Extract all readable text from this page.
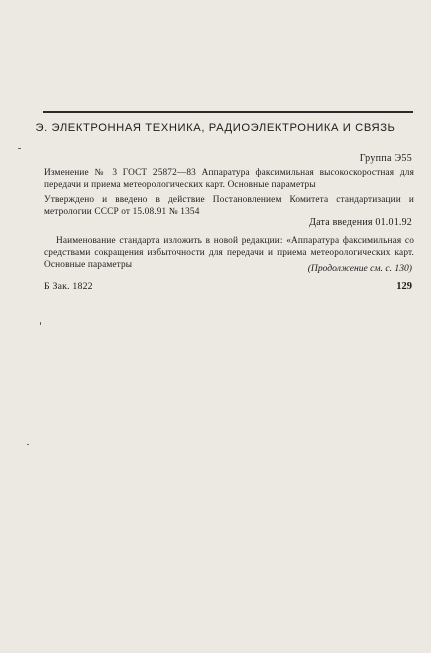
Э. ЭЛЕКТРОННАЯ ТЕХНИКА, РАДИОЭЛЕКТРОНИКА И СВЯЗЬ
Группа Э55
Изменение № 3 ГОСТ 25872—83 Аппаратура факсимильная высокоскоростная для передачи и приема метеорологических карт. Основные параметры
Утверждено и введено в действие Постановлением Комитета стандартизации и метрологии СССР от 15.08.91 № 1354
Дата введения 01.01.92
Наименование стандарта изложить в новой редакции: «Аппаратура факсимильная со средствами сокращения избыточности для передачи и приема метеорологических карт. Основные параметры	(Продолжение см. с. 130)
Б Зак. 1822	129
